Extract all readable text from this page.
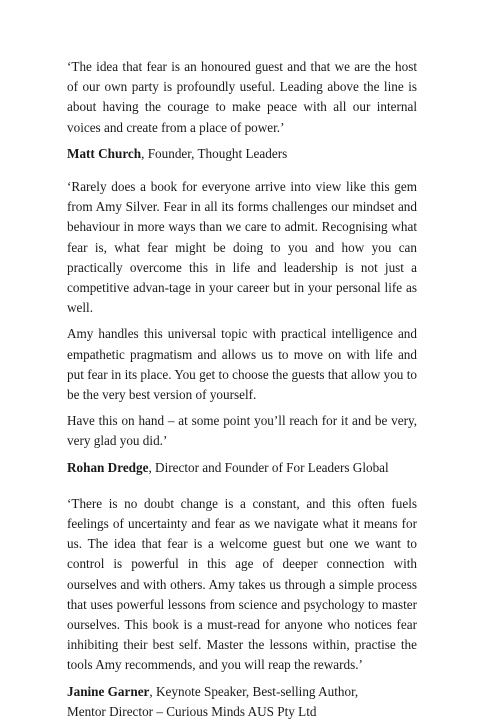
‘The idea that fear is an honoured guest and that we are the host of our own party is profoundly useful. Leading above the line is about having the courage to make peace with all our internal voices and create from a place of power.’

Matt Church, Founder, Thought Leaders

‘Rarely does a book for everyone arrive into view like this gem from Amy Silver. Fear in all its forms challenges our mindset and behaviour in more ways than we care to admit. Recognising what fear is, what fear might be doing to you and how you can practically overcome this in life and leadership is not just a competitive advan-tage in your career but in your personal life as well.

Amy handles this universal topic with practical intelligence and empathetic pragmatism and allows us to move on with life and put fear in its place. You get to choose the guests that allow you to be the very best version of yourself.

Have this on hand – at some point you’ll reach for it and be very, very glad you did.’

Rohan Dredge, Director and Founder of For Leaders Global

‘There is no doubt change is a constant, and this often fuels feelings of uncertainty and fear as we navigate what it means for us. The idea that fear is a welcome guest but one we want to control is powerful in this age of deeper connection with ourselves and with others. Amy takes us through a simple process that uses powerful lessons from science and psychology to master ourselves. This book is a must-read for anyone who notices fear inhibiting their best self. Master the lessons within, practise the tools Amy recommends, and you will reap the rewards.’

Janine Garner, Keynote Speaker, Best-selling Author,

Mentor Director – Curious Minds AUS Pty Ltd
